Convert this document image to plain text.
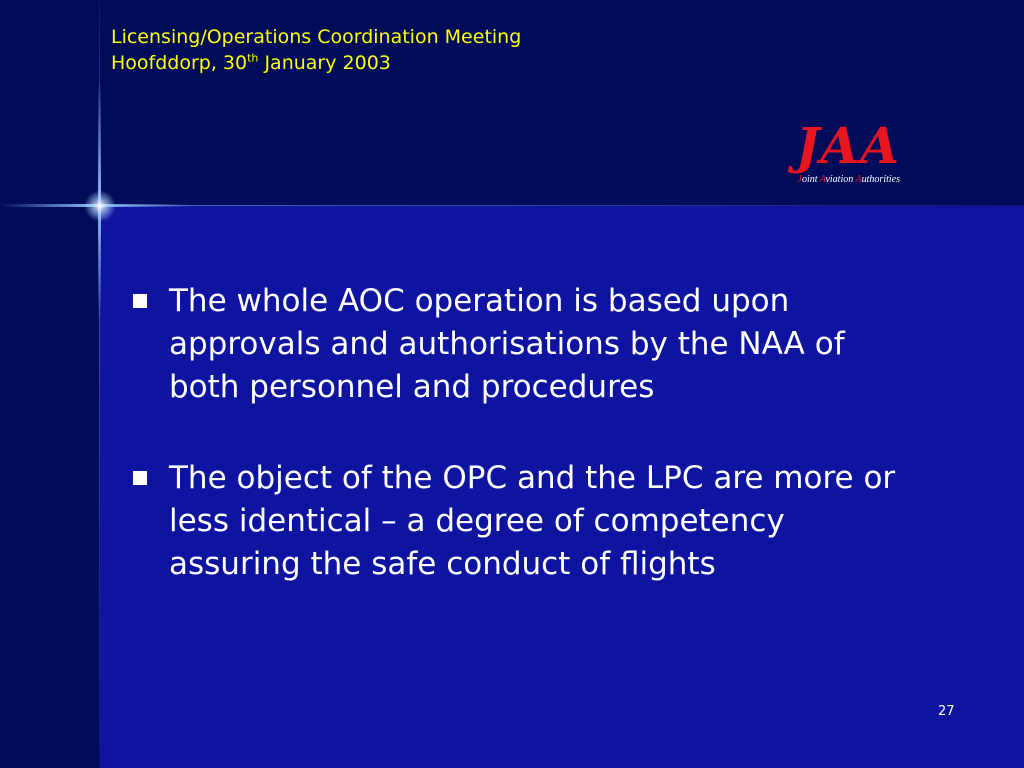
Licensing/Operations Coordination Meeting
Hoofddorp, 30th January 2003
JAA
Joint Aviation Authorities
The whole AOC operation is based upon approvals and authorisations by the NAA of both personnel and procedures
The object of the OPC and the LPC are more or less identical – a degree of competency assuring the safe conduct of flights
27
